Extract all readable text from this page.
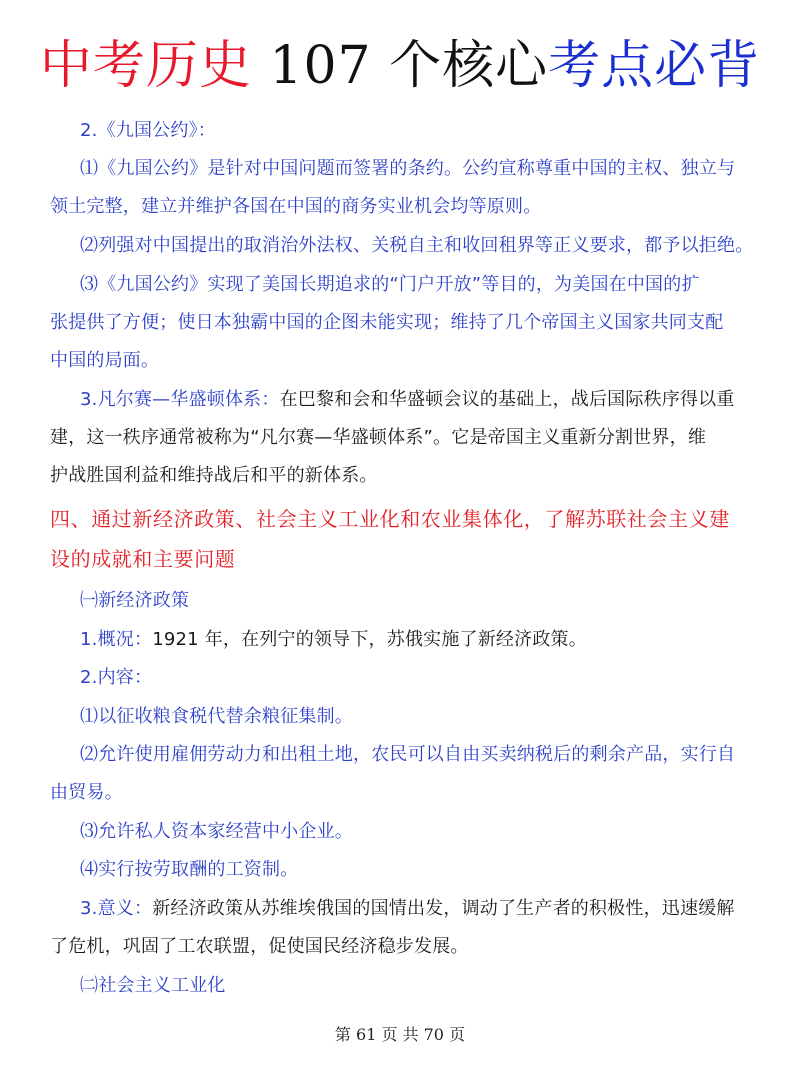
中考历史 107 个核心考点必背
2.《九国公约》：
⑴《九国公约》是针对中国问题而签署的条约。公约宣称尊重中国的主权、独立与
领土完整，建立并维护各国在中国的商务实业机会均等原则。
⑵列强对中国提出的取消治外法权、关税自主和收回租界等正义要求，都予以拒绝。
⑶《九国公约》实现了美国长期追求的“门户开放”等目的，为美国在中国的扩
张提供了方便；使日本独霸中国的企图未能实现；维持了几个帝国主义国家共同支配
中国的局面。
3.凡尔赛—华盛顿体系：在巴黎和会和华盛顿会议的基础上，战后国际秩序得以重
建，这一秩序通常被称为“凡尔赛—华盛顿体系”。它是帝国主义重新分割世界，维
护战胜国利益和维持战后和平的新体系。
四、通过新经济政策、社会主义工业化和农业集体化，了解苏联社会主义建
设的成就和主要问题
㈠新经济政策
1.概况：1921 年，在列宁的领导下，苏俄实施了新经济政策。
2.内容：
⑴以征收粮食税代替余粮征集制。
⑵允许使用雇佣劳动力和出租土地，农民可以自由买卖纳税后的剩余产品，实行自
由贸易。
⑶允许私人资本家经营中小企业。
⑷实行按劳取酬的工资制。
3.意义：新经济政策从苏维埃俄国的国情出发，调动了生产者的积极性，迅速缓解
了危机，巩固了工农联盟，促使国民经济稳步发展。
㈡社会主义工业化
第 61 页 共 70 页
